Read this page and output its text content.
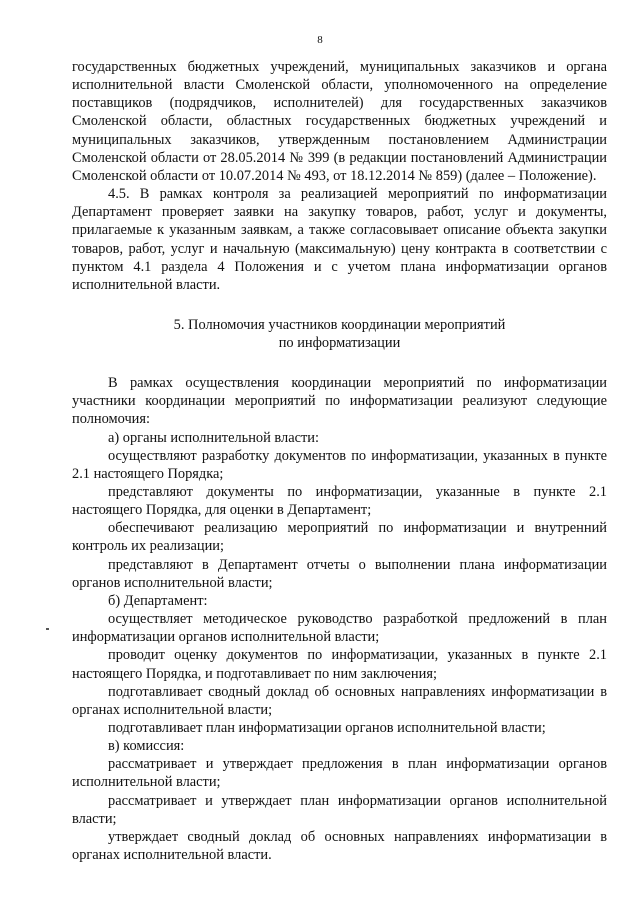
8

государственных бюджетных учреждений, муниципальных заказчиков и органа исполнительной власти Смоленской области, уполномоченного на определение поставщиков (подрядчиков, исполнителей) для государственных заказчиков Смоленской области, областных государственных бюджетных учреждений и муниципальных заказчиков, утвержденным постановлением Администрации Смоленской области от 28.05.2014 № 399 (в редакции постановлений Администрации Смоленской области от 10.07.2014 № 493, от 18.12.2014 № 859) (далее – Положение).

4.5. В рамках контроля за реализацией мероприятий по информатизации Департамент проверяет заявки на закупку товаров, работ, услуг и документы, прилагаемые к указанным заявкам, а также согласовывает описание объекта закупки товаров, работ, услуг и начальную (максимальную) цену контракта в соответствии с пунктом 4.1 раздела 4 Положения и с учетом плана информатизации органов исполнительной власти.

5. Полномочия участников координации мероприятий
по информатизации

В рамках осуществления координации мероприятий по информатизации участники координации мероприятий по информатизации реализуют следующие полномочия:

а) органы исполнительной власти:

осуществляют разработку документов по информатизации, указанных в пункте 2.1 настоящего Порядка;

представляют документы по информатизации, указанные в пункте 2.1 настоящего Порядка, для оценки в Департамент;

обеспечивают реализацию мероприятий по информатизации и внутренний контроль их реализации;

представляют в Департамент отчеты о выполнении плана информатизации органов исполнительной власти;

б) Департамент:

осуществляет методическое руководство разработкой предложений в план информатизации органов исполнительной власти;

проводит оценку документов по информатизации, указанных в пункте 2.1 настоящего Порядка, и подготавливает по ним заключения;

подготавливает сводный доклад об основных направлениях информатизации в органах исполнительной власти;

подготавливает план информатизации органов исполнительной власти;

в) комиссия:

рассматривает и утверждает предложения в план информатизации органов исполнительной власти;

рассматривает и утверждает план информатизации органов исполнительной власти;

утверждает сводный доклад об основных направлениях информатизации в органах исполнительной власти.
